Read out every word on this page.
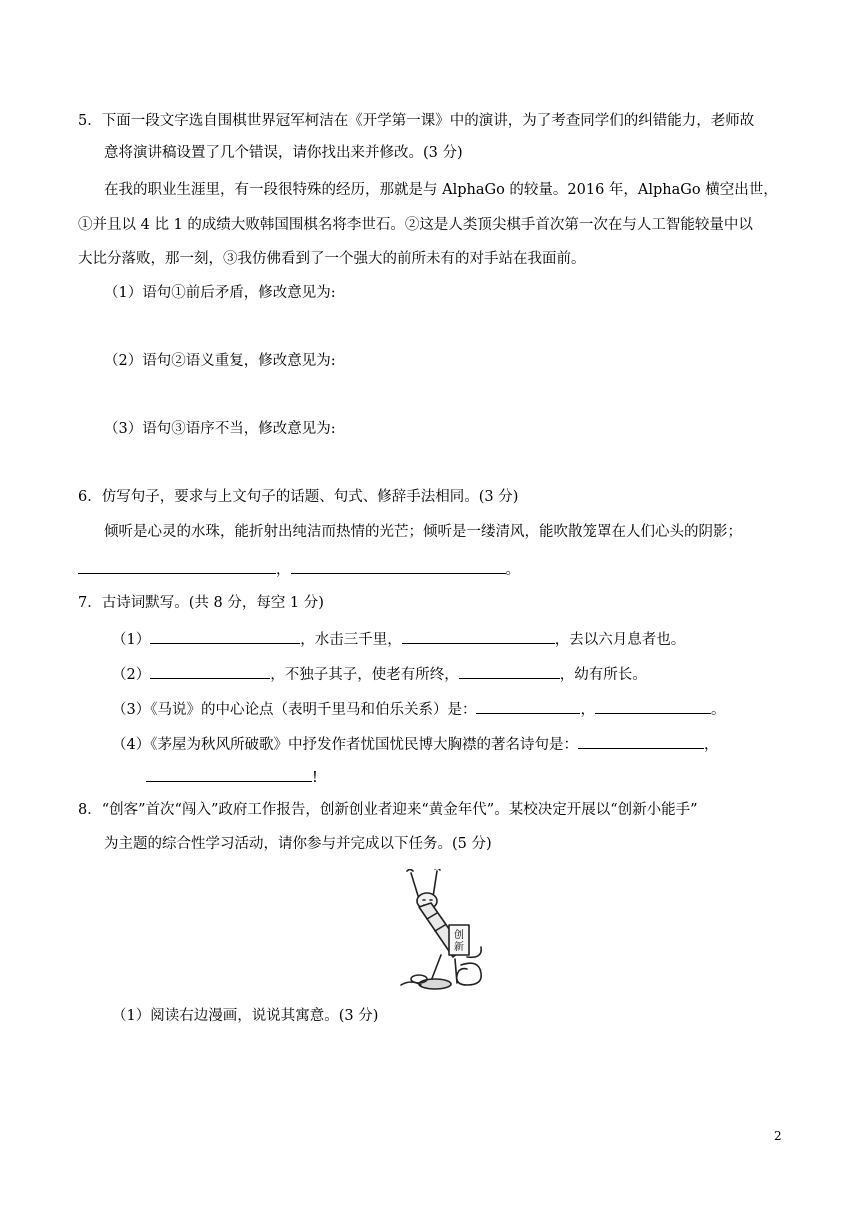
5．下面一段文字选自围棋世界冠军柯洁在《开学第一课》中的演讲，为了考查同学们的纠错能力，老师故
意将演讲稿设置了几个错误，请你找出来并修改。(3 分)
在我的职业生涯里，有一段很特殊的经历，那就是与 AlphaGo 的较量。2016 年，AlphaGo 横空出世，
①并且以 4 比 1 的成绩大败韩国围棋名将李世石。②这是人类顶尖棋手首次第一次在与人工智能较量中以
大比分落败，那一刻，③我仿佛看到了一个强大的前所未有的对手站在我面前。
（1）语句①前后矛盾，修改意见为:
（2）语句②语义重复，修改意见为:
（3）语句③语序不当，修改意见为:
6．仿写句子，要求与上文句子的话题、句式、修辞手法相同。(3 分)
倾听是心灵的水珠，能折射出纯洁而热情的光芒；倾听是一缕清风，能吹散笼罩在人们心头的阴影；
，	。
7．古诗词默写。(共 8 分，每空 1 分)
（1）	，水击三千里，	，去以六月息者也。
（2）	，不独子其子，使老有所终，	，幼有所长。
（3）《马说》的中心论点（表明千里马和伯乐关系）是：	，	。
（4）《茅屋为秋风所破歌》中抒发作者忧国忧民博大胸襟的著名诗句是：	，
!
8．“创客”首次“闯入”政府工作报告，创新创业者迎来“黄金年代”。某校决定开展以“创新小能手”
为主题的综合性学习活动，请你参与并完成以下任务。(5 分)
创
新
（1）阅读右边漫画，说说其寓意。(3 分)
2
